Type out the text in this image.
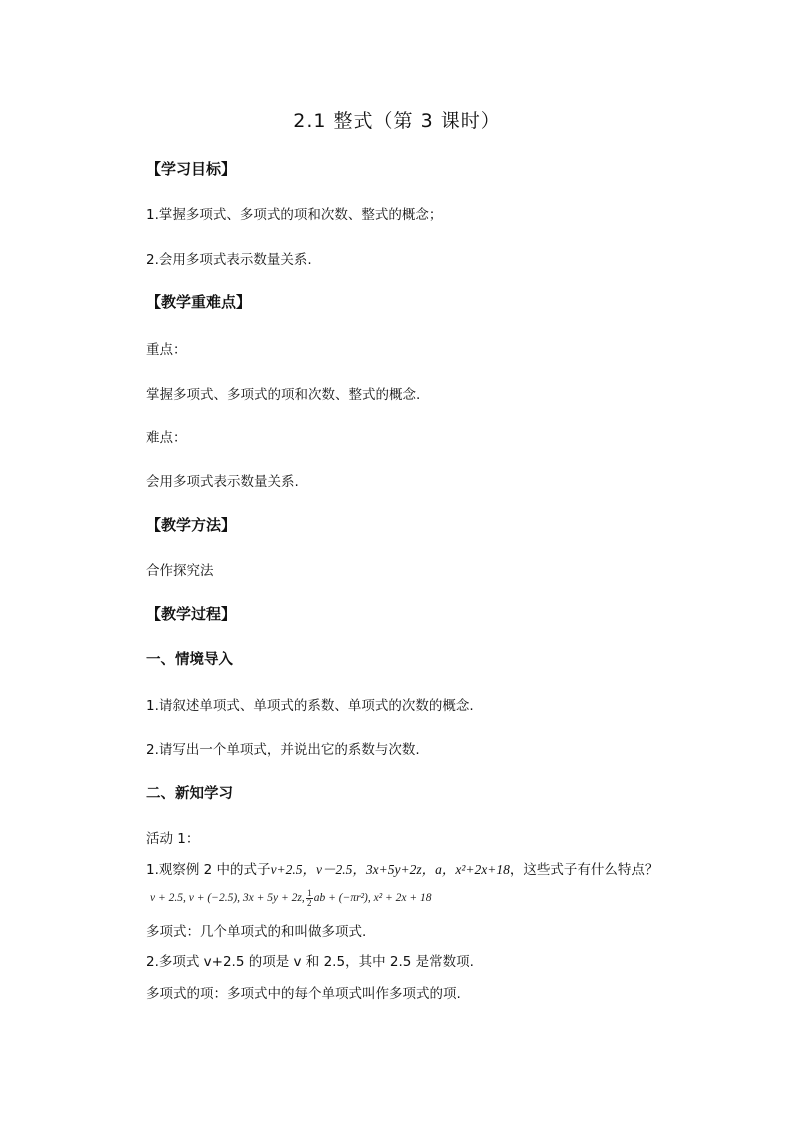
2.1 整式（第 3 课时）
【学习目标】
1.掌握多项式、多项式的项和次数、整式的概念；
2.会用多项式表示数量关系.
【教学重难点】
重点：
掌握多项式、多项式的项和次数、整式的概念.
难点：
会用多项式表示数量关系.
【教学方法】
合作探究法
【教学过程】
一、情境导入
1.请叙述单项式、单项式的系数、单项式的次数的概念.
2.请写出一个单项式，并说出它的系数与次数.
二、新知学习
活动 1：
1.观察例 2 中的式子v+2.5，v－2.5，3x+5y+2z，a，x²+2x+18，这些式子有什么特点？
v + 2.5, v + (−2.5), 3x + 5y + 2z, $\frac{1}{2}$ ab + (−πr²), x² + 2x + 18
多项式：几个单项式的和叫做多项式.
2.多项式 v+2.5 的项是 v 和 2.5，其中 2.5 是常数项.
多项式的项：多项式中的每个单项式叫作多项式的项.
